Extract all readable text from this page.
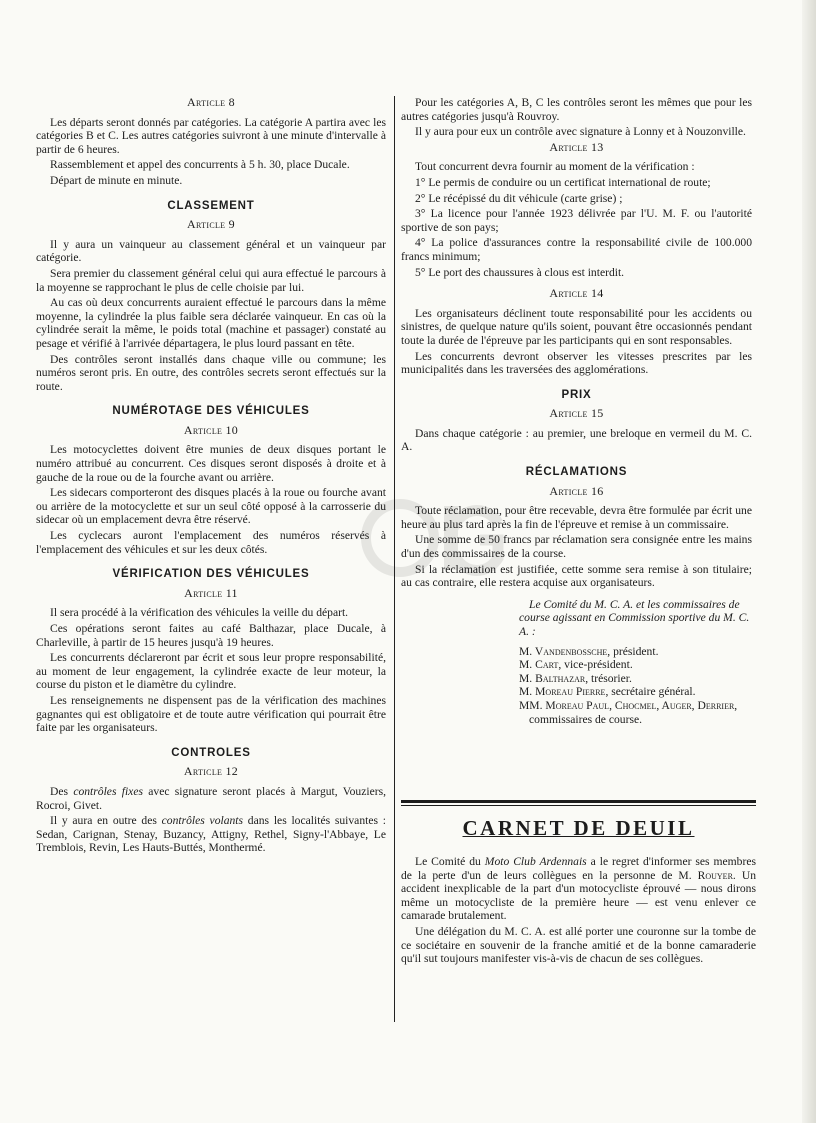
Article 8

Les départs seront donnés par catégories. La catégorie A partira avec les catégories B et C. Les autres catégories suivront à une minute d'intervalle à partir de 6 heures.

Rassemblement et appel des concurrents à 5 h. 30, place Ducale.

Départ de minute en minute.

CLASSEMENT
Article 9

Il y aura un vainqueur au classement général et un vainqueur par catégorie.

Sera premier du classement général celui qui aura effectué le parcours à la moyenne se rapprochant le plus de celle choisie par lui.

Au cas où deux concurrents auraient effectué le parcours dans la même moyenne, la cylindrée la plus faible sera déclarée vainqueur. En cas où la cylindrée serait la même, le poids total (machine et passager) constaté au pesage et vérifié à l'arrivée départagera, le plus lourd passant en tête.

Des contrôles seront installés dans chaque ville ou commune; les numéros seront pris. En outre, des contrôles secrets seront effectués sur la route.

NUMÉROTAGE DES VÉHICULES
Article 10

Les motocyclettes doivent être munies de deux disques portant le numéro attribué au concurrent. Ces disques seront disposés à droite et à gauche de la roue ou de la fourche avant ou arrière.

Les sidecars comporteront des disques placés à la roue ou fourche avant ou arrière de la motocyclette et sur un seul côté opposé à la carrosserie du sidecar où un emplacement devra être réservé.

Les cyclecars auront l'emplacement des numéros réservés à l'emplacement des véhicules et sur les deux côtés.

VÉRIFICATION DES VÉHICULES
Article 11

Il sera procédé à la vérification des véhicules la veille du départ.

Ces opérations seront faites au café Balthazar, place Ducale, à Charleville, à partir de 15 heures jusqu'à 19 heures.

Les concurrents déclareront par écrit et sous leur propre responsabilité, au moment de leur engagement, la cylindrée exacte de leur moteur, la course du piston et le diamètre du cylindre.

Les renseignements ne dispensent pas de la vérification des machines gagnantes qui est obligatoire et de toute autre vérification qui pourrait être faite par les organisateurs.

CONTROLES
Article 12

Des contrôles fixes avec signature seront placés à Margut, Vouziers, Rocroi, Givet.

Il y aura en outre des contrôles volants dans les localités suivantes : Sedan, Carignan, Stenay, Buzancy, Attigny, Rethel, Signy-l'Abbaye, Le Tremblois, Revin, Les Hauts-Buttés, Monthermé.

Pour les catégories A, B, C les contrôles seront les mêmes que pour les autres catégories jusqu'à Rouvroy.

Il y aura pour eux un contrôle avec signature à Lonny et à Nouzonville.

Article 13

Tout concurrent devra fournir au moment de la vérification :

1° Le permis de conduire ou un certificat international de route;

2° Le récépissé du dit véhicule (carte grise) ;

3° La licence pour l'année 1923 délivrée par l'U. M. F. ou l'autorité sportive de son pays;

4° La police d'assurances contre la responsabilité civile de 100.000 francs minimum;

5° Le port des chaussures à clous est interdit.

Article 14

Les organisateurs déclinent toute responsabilité pour les accidents ou sinistres, de quelque nature qu'ils soient, pouvant être occasionnés pendant toute la durée de l'épreuve par les participants qui en sont responsables.

Les concurrents devront observer les vitesses prescrites par les municipalités dans les traversées des agglomérations.

PRIX
Article 15

Dans chaque catégorie : au premier, une breloque en vermeil du M. C. A.

RÉCLAMATIONS
Article 16

Toute réclamation, pour être recevable, devra être formulée par écrit une heure au plus tard après la fin de l'épreuve et remise à un commissaire.

Une somme de 50 francs par réclamation sera consignée entre les mains d'un des commissaires de la course.

Si la réclamation est justifiée, cette somme sera remise à son titulaire; au cas contraire, elle restera acquise aux organisateurs.

Le Comité du M. C. A. et les commissaires de course agissant en Commission sportive du M. C. A. :

M. Vandenbossche, président.

M. Cart, vice-président.

M. Balthazar, trésorier.

M. Moreau Pierre, secrétaire général.

MM. Moreau Paul, Chocmel, Auger, Derrier, commissaires de course.

CARNET DE DEUIL

Le Comité du Moto Club Ardennais a le regret d'informer ses membres de la perte d'un de leurs collègues en la personne de M. Rouyer. Un accident inexplicable de la part d'un motocycliste éprouvé — nous dirons même un motocycliste de la première heure — est venu enlever ce camarade brutalement.

Une délégation du M. C. A. est allé porter une couronne sur la tombe de ce sociétaire en souvenir de la franche amitié et de la bonne camaraderie qu'il sut toujours manifester vis-à-vis de chacun de ses collègues.
